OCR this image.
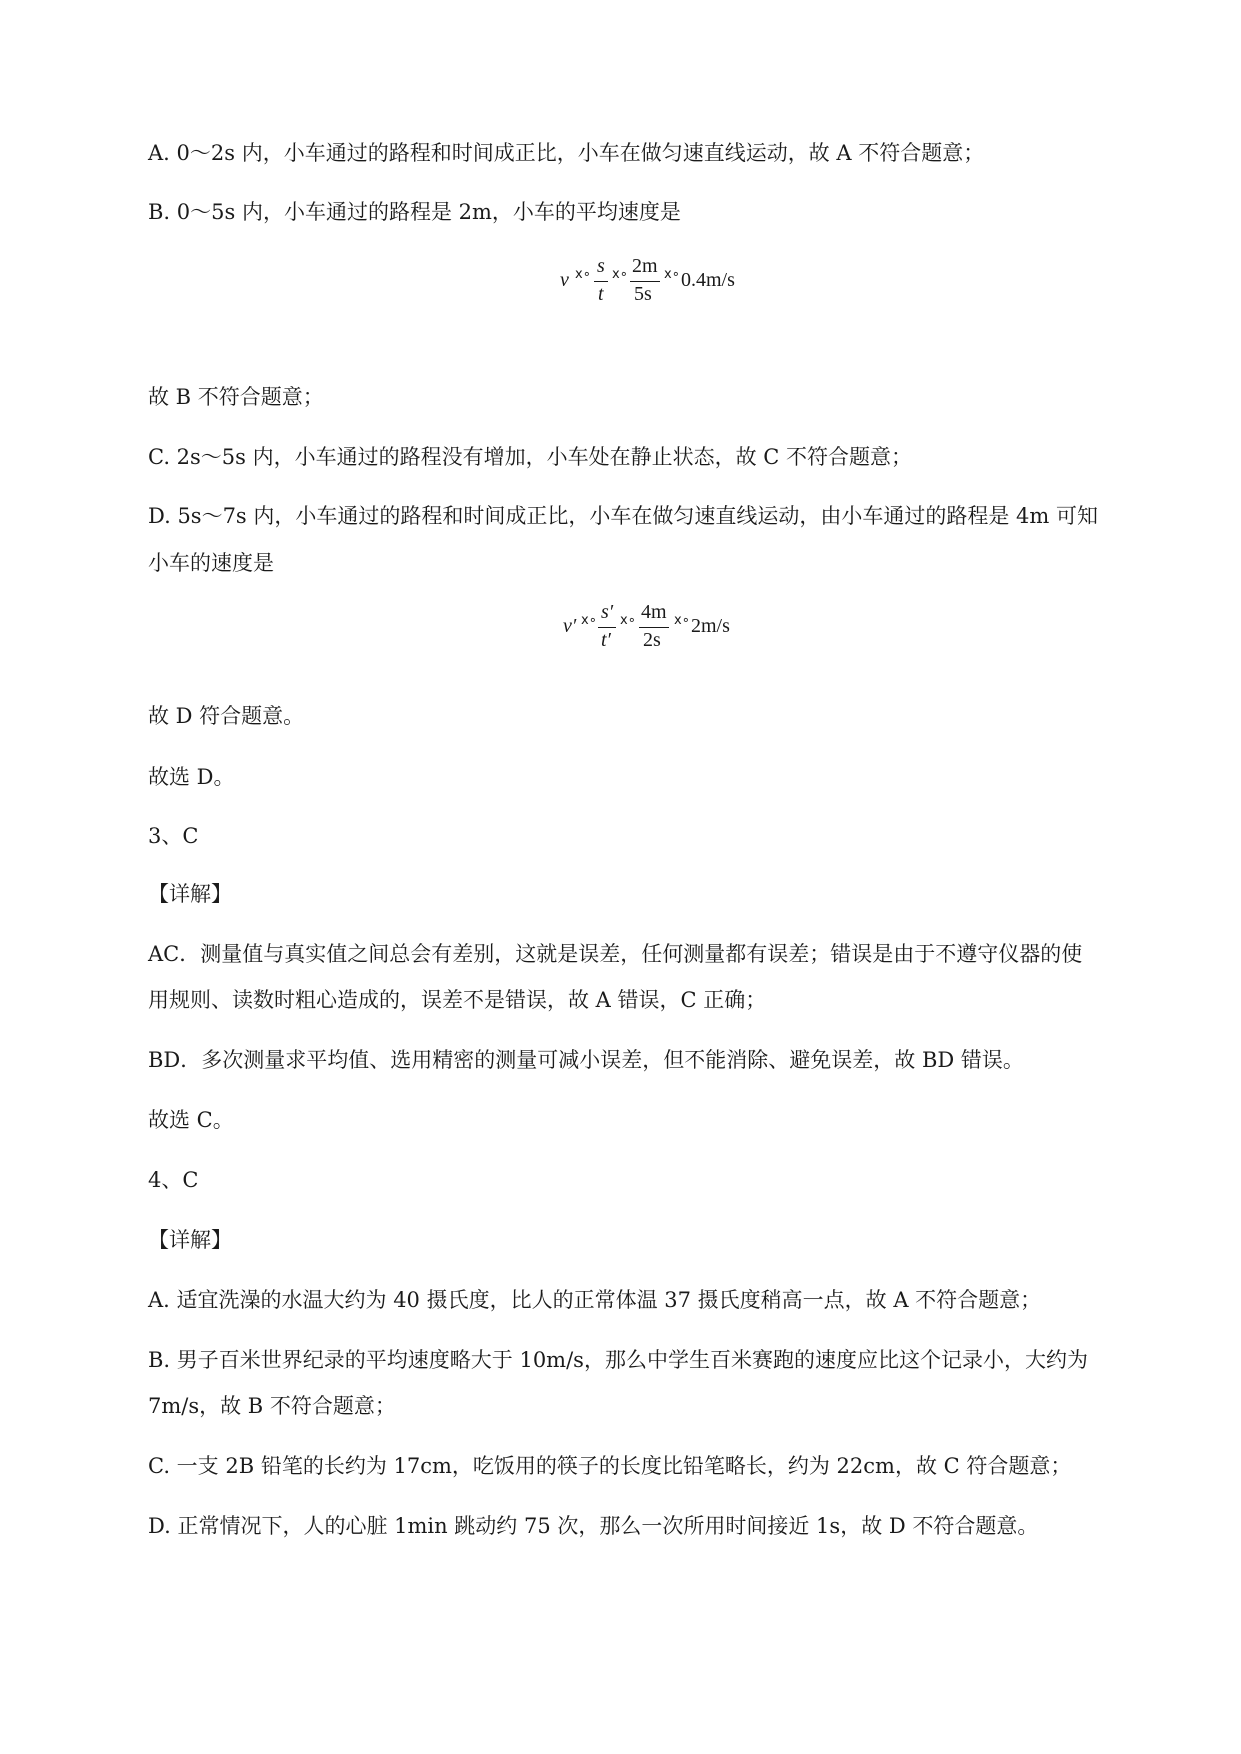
A. 0～2s 内，小车通过的路程和时间成正比，小车在做匀速直线运动，故 A 不符合题意；
B. 0～5s 内，小车通过的路程是 2m，小车的平均速度是
v ⅹ∘ s
t
ⅹ∘ 2m
5s
ⅹ∘ 0.4m/s
故 B 不符合题意；
C. 2s～5s 内，小车通过的路程没有增加，小车处在静止状态，故 C 不符合题意；
D. 5s～7s 内，小车通过的路程和时间成正比，小车在做匀速直线运动，由小车通过的路程是 4m 可知
小车的速度是
v′ ⅹ∘ s′
t′
ⅹ∘ 4m
2s
ⅹ∘ 2m/s
故 D 符合题意。
故选 D。
3、C
【详解】
AC．测量值与真实值之间总会有差别，这就是误差，任何测量都有误差；错误是由于不遵守仪器的使
用规则、读数时粗心造成的，误差不是错误，故 A 错误，C 正确；
BD．多次测量求平均值、选用精密的测量可减小误差，但不能消除、避免误差，故 BD 错误。
故选 C。
4、C
【详解】
A. 适宜洗澡的水温大约为 40 摄氏度，比人的正常体温 37 摄氏度稍高一点，故 A 不符合题意；
B. 男子百米世界纪录的平均速度略大于 10m/s，那么中学生百米赛跑的速度应比这个记录小，大约为
7m/s，故 B 不符合题意；
C. 一支 2B 铅笔的长约为 17cm，吃饭用的筷子的长度比铅笔略长，约为 22cm，故 C 符合题意；
D. 正常情况下，人的心脏 1min 跳动约 75 次，那么一次所用时间接近 1s，故 D 不符合题意。
